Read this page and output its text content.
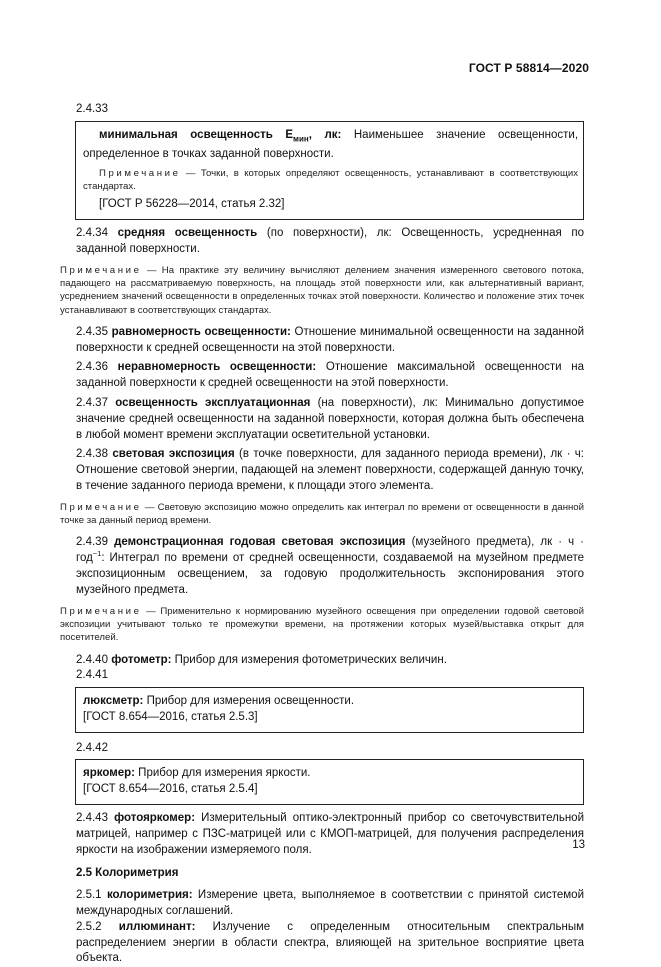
ГОСТ Р 58814—2020
2.4.33
минимальная освещенность $E_{мин}$, лк: Наименьшее значение освещенности, определенное в точках заданной поверхности.
Примечание — Точки, в которых определяют освещенность, устанавливают в соответствующих стандартах.
[ГОСТ Р 56228—2014, статья 2.32]
2.4.34 средняя освещенность (по поверхности), лк: Освещенность, усредненная по заданной поверхности.
Примечание — На практике эту величину вычисляют делением значения измеренного светового потока, падающего на рассматриваемую поверхность, на площадь этой поверхности или, как альтернативный вариант, усреднением значений освещенности в определенных точках этой поверхности. Количество и положение этих точек устанавливают в соответствующих стандартах.
2.4.35 равномерность освещенности: Отношение минимальной освещенности на заданной поверхности к средней освещенности на этой поверхности.
2.4.36 неравномерность освещенности: Отношение максимальной освещенности на заданной поверхности к средней освещенности на этой поверхности.
2.4.37 освещенность эксплуатационная (на поверхности), лк: Минимально допустимое значение средней освещенности на заданной поверхности, которая должна быть обеспечена в любой момент времени эксплуатации осветительной установки.
2.4.38 световая экспозиция (в точке поверхности, для заданного периода времени), лк · ч: Отношение световой энергии, падающей на элемент поверхности, содержащей данную точку, в течение заданного периода времени, к площади этого элемента.
Примечание — Световую экспозицию можно определить как интеграл по времени от освещенности в данной точке за данный период времени.
2.4.39 демонстрационная годовая световая экспозиция (музейного предмета), лк · ч · год$^{-1}$: Интеграл по времени от средней освещенности, создаваемой на музейном предмете экспозиционным освещением, за годовую продолжительность экспонирования этого музейного предмета.
Примечание — Применительно к нормированию музейного освещения при определении годовой световой экспозиции учитывают только те промежутки времени, на протяжении которых музей/выставка открыт для посетителей.
2.4.40 фотометр: Прибор для измерения фотометрических величин.
2.4.41
люксметр: Прибор для измерения освещенности.
[ГОСТ 8.654—2016, статья 2.5.3]
2.4.42
яркомер: Прибор для измерения яркости.
[ГОСТ 8.654—2016, статья 2.5.4]
2.4.43 фотояркомер: Измерительный оптико-электронный прибор со светочувствительной матрицей, например с ПЗС-матрицей или с КМОП-матрицей, для получения распределения яркости на изображении измеряемого поля.
2.5 Колориметрия
2.5.1 колориметрия: Измерение цвета, выполняемое в соответствии с принятой системой международных соглашений.
2.5.2 иллюминант: Излучение с определенным относительным спектральным распределением энергии в области спектра, влияющей на зрительное восприятие цвета объекта.
13
